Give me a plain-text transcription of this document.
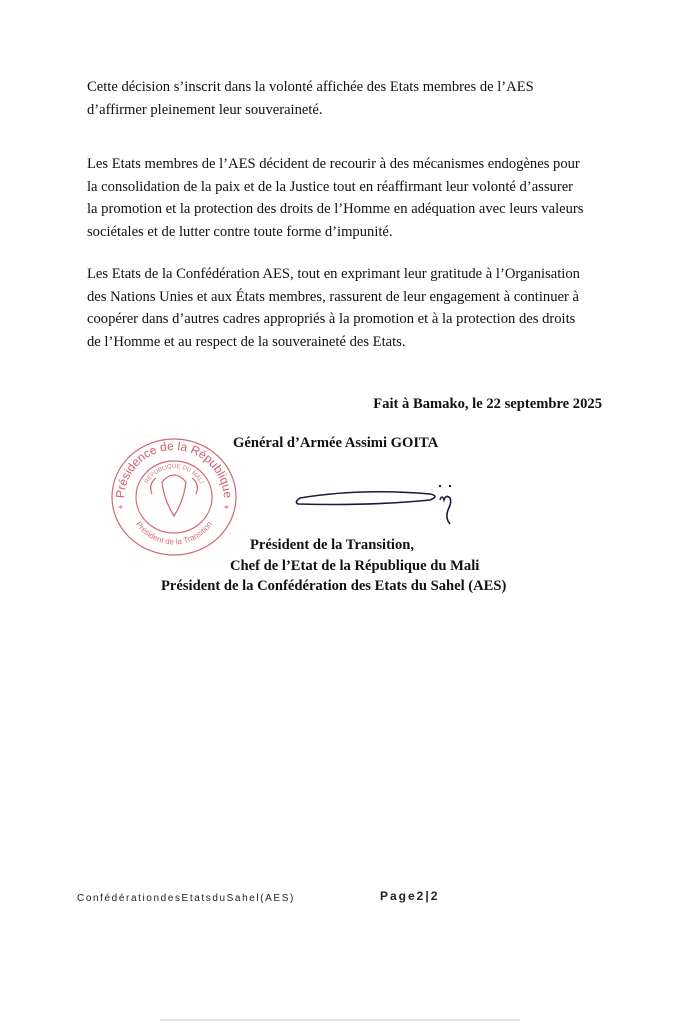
Cette décision s’inscrit dans la volonté affichée des Etats membres de l’AES
d’affirmer pleinement leur souveraineté.
Les Etats membres de l’AES décident de recourir à des mécanismes endogènes pour
la consolidation de la paix et de la Justice tout en réaffirmant leur volonté d’assurer
la promotion et la protection des droits de l’Homme en adéquation avec leurs valeurs
sociétales et de lutter contre toute forme d’impunité.
Les Etats de la Confédération AES, tout en exprimant leur gratitude à l’Organisation
des Nations Unies et aux États membres, rassurent de leur engagement à continuer à
coopérer dans d’autres cadres appropriés à la promotion et à la protection des droits
de l’Homme et au respect de la souveraineté des Etats.
Fait à Bamako, le 22 septembre 2025
Présidence de la République
REPUBLIQUE DU MALI
Président de la Transition
*	*
Général d’Armée Assimi GOITA
Président de la Transition,
Chef de l’Etat de la République du Mali
Président de la Confédération des Etats du Sahel (AES)
ConfédérationdesEtatsduSahel(AES)	Page2|2
